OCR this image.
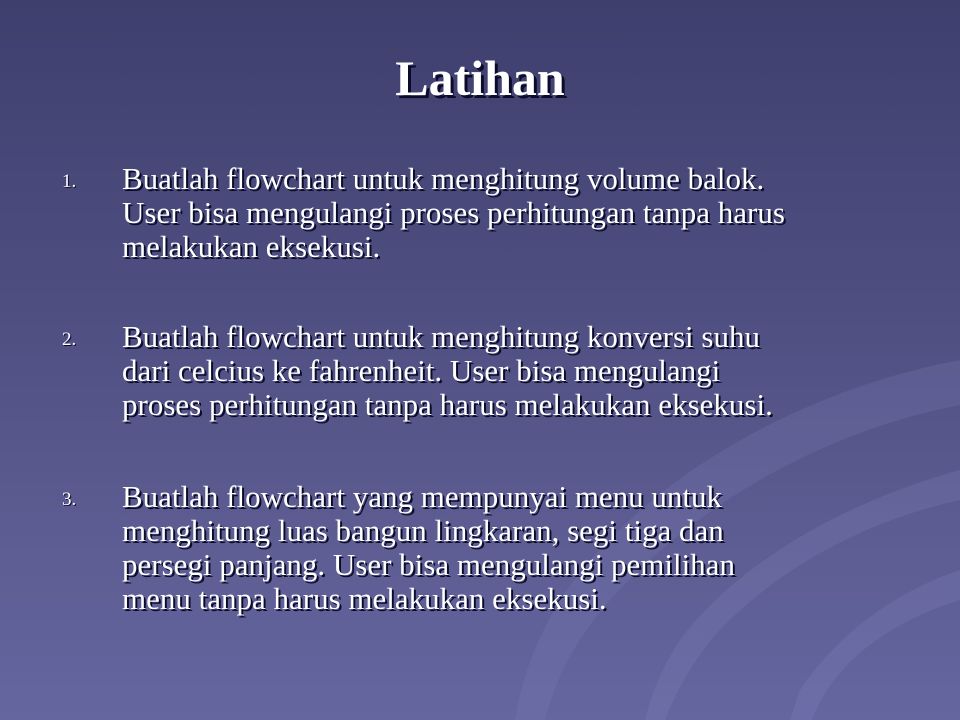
Latihan
1.	Buatlah flowchart untuk menghitung volume balok.
User bisa mengulangi proses perhitungan tanpa harus
melakukan eksekusi.
2.	Buatlah flowchart untuk menghitung konversi suhu
dari celcius ke fahrenheit. User bisa mengulangi
proses perhitungan tanpa harus melakukan eksekusi.
3.	Buatlah flowchart yang mempunyai menu untuk
menghitung luas bangun lingkaran, segi tiga dan
persegi panjang. User bisa mengulangi pemilihan
menu tanpa harus melakukan eksekusi.
